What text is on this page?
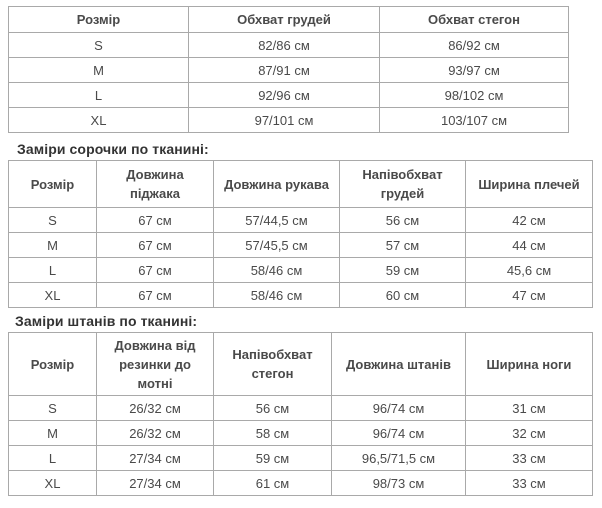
Розмір	Обхват грудей	Обхват стегон
S	82/86 см	86/92 см
M	87/91 см	93/97 см
L	92/96 см	98/102 см
XL	97/101 см	103/107 см
Заміри сорочки по тканині:
Розмір	Довжина піджака	Довжина рукава	Напівобхват грудей	Ширина плечей
S	67 см	57/44,5 см	56 см	42 см
M	67 см	57/45,5 см	57 см	44 см
L	67 см	58/46 см	59 см	45,6 см
XL	67 см	58/46 см	60 см	47 см
Заміри штанів по тканині:
Розмір	Довжина від резинки до мотні	Напівобхват стегон	Довжина штанів	Ширина ноги
S	26/32 см	56 см	96/74 см	31 см
M	26/32 см	58 см	96/74 см	32 см
L	27/34 см	59 см	96,5/71,5 см	33 см
XL	27/34 см	61 см	98/73 см	33 см
